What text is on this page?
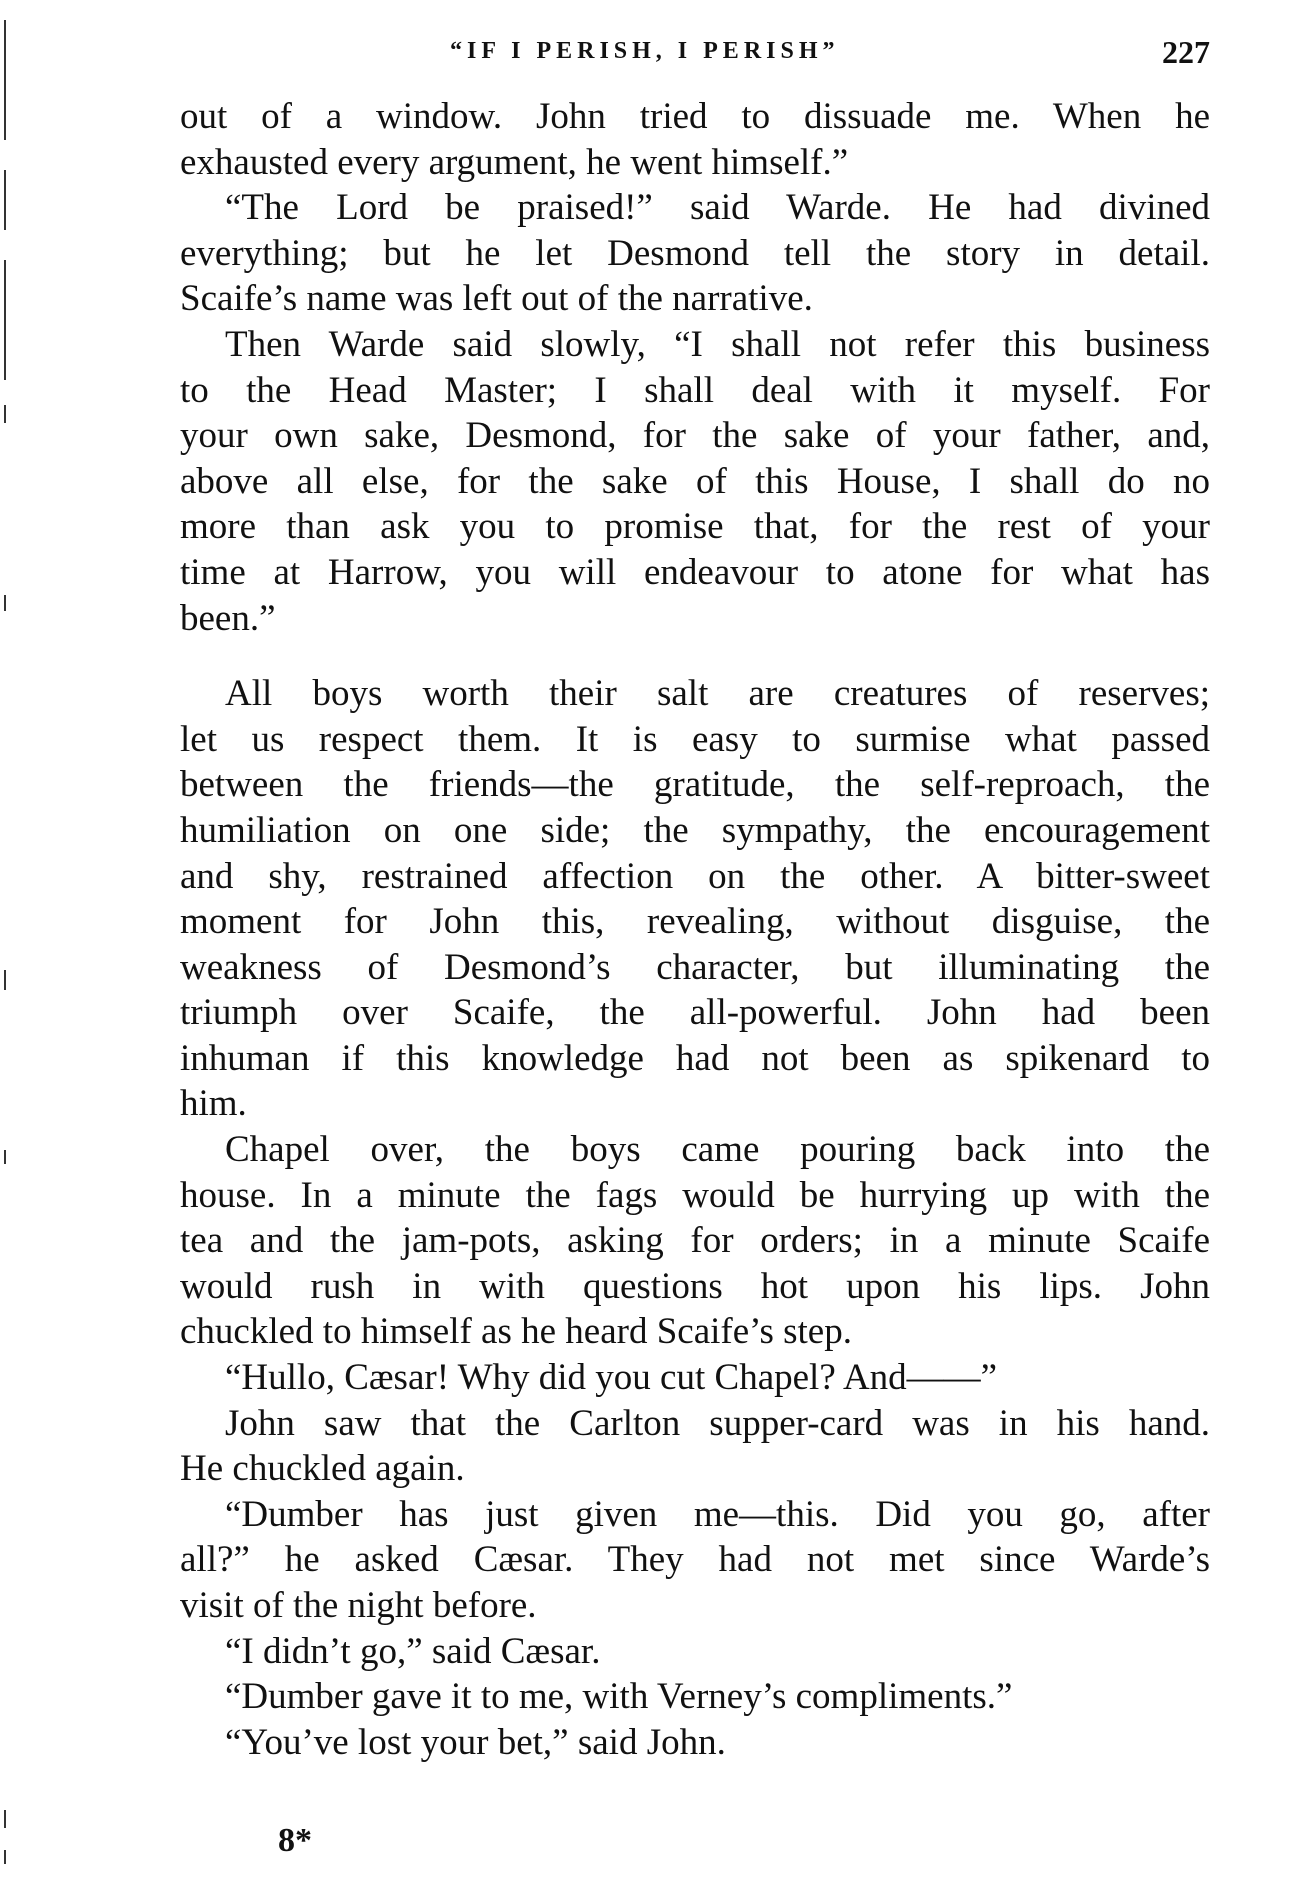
“IF I PERISH, I PERISH”	227
out of a window. John tried to dissuade me. When he
exhausted every argument, he went himself.”
“The Lord be praised!” said Warde. He had divined
everything; but he let Desmond tell the story in detail.
Scaife’s name was left out of the narrative.
Then Warde said slowly, “I shall not refer this business
to the Head Master; I shall deal with it myself. For
your own sake, Desmond, for the sake of your father, and,
above all else, for the sake of this House, I shall do no
more than ask you to promise that, for the rest of your
time at Harrow, you will endeavour to atone for what has
been.”
All boys worth their salt are creatures of reserves;
let us respect them. It is easy to surmise what passed
between the friends—the gratitude, the self-reproach, the
humiliation on one side; the sympathy, the encouragement
and shy, restrained affection on the other. A bitter-sweet
moment for John this, revealing, without disguise, the
weakness of Desmond’s character, but illuminating the
triumph over Scaife, the all-powerful. John had been
inhuman if this knowledge had not been as spikenard to
him.
Chapel over, the boys came pouring back into the
house. In a minute the fags would be hurrying up with the
tea and the jam-pots, asking for orders; in a minute Scaife
would rush in with questions hot upon his lips. John
chuckled to himself as he heard Scaife’s step.
“Hullo, Cæsar! Why did you cut Chapel? And——”
John saw that the Carlton supper-card was in his hand.
He chuckled again.
“Dumber has just given me—this. Did you go, after
all?” he asked Cæsar. They had not met since Warde’s
visit of the night before.
“I didn’t go,” said Cæsar.
“Dumber gave it to me, with Verney’s compliments.”
“You’ve lost your bet,” said John.
8*
